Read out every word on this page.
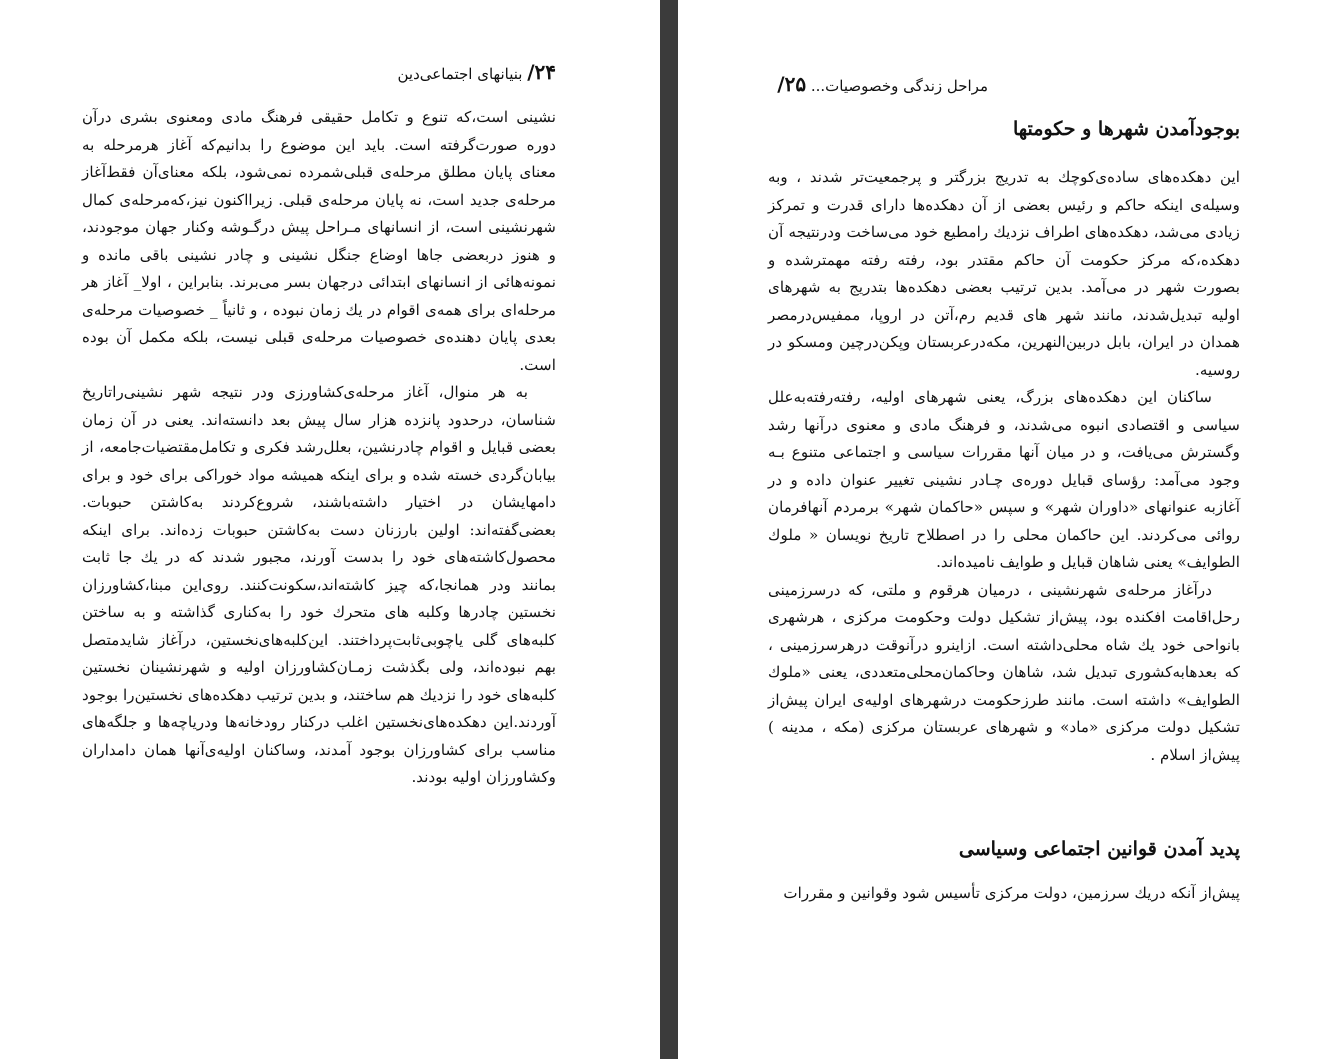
۲۴/ بنیانهای اجتماعی‌دین

نشینی است،که تنوع و تکامل حقیقی فرهنگ مادی ومعنوی بشری درآن دوره صورت‌گرفته است. باید این موضوع را بدانیم‌که آغاز هرمرحله به معنای پایان مطلق مرحله‌ی قبلی‌شمرده نمی‌شود، بلکه معنای‌آن فقط‌آغاز مرحله‌ی جدید است، نه پایان مرحله‌ی قبلی. زیرااکنون نیز،که‌مرحله‌ی کمال شهرنشینی است، از انسانهای مـراحل پیش درگـوشه وکنار جهان موجودند، و هنوز دربعضی جاها اوضاع جنگل نشینی و چادر نشینی باقی مانده و نمونه‌هائی از انسانهای ابتدائی درجهان بسر می‌برند. بنابراین ، اولا_ آغاز هر مرحله‌ای برای همه‌ی اقوام در یك زمان نبوده ، و ثانیاً _ خصوصیات مرحله‌ی بعدی پایان دهنده‌ی خصوصیات مرحله‌ی قبلی نیست، بلکه مکمل آن بوده است.

به هر منوال، آغاز مرحله‌ی‌کشاورزی ودر نتیجه شهر نشینی‌راتاریخ شناسان، درحدود پانزده هزار سال پیش بعد دانسته‌اند. یعنی در آن زمان بعضی قبایل و اقوام چادرنشین، بعلل‌رشد فکری و تکامل‌مقتضیات‌جامعه، از بیابان‌گردی خسته شده و برای اینکه همیشه مواد خوراکی برای خود و برای دامهایشان در اختیار داشته‌باشند، شروع‌کردند به‌کاشتن حبوبات. بعضی‌گفته‌اند: اولین بارزنان دست به‌کاشتن حبوبات زده‌اند. برای اینکه محصول‌کاشته‌های خود را بدست آورند، مجبور شدند که در یك جا ثابت بمانند ودر همانجا،که چیز کاشته‌اند،سکونت‌کنند. روی‌این مبنا،کشاورزان نخستین چادرها وکلبه های متحرك خود را به‌کناری گذاشته و به ساختن کلبه‌های گلی یاچوبی‌ثابت‌پرداختند. این‌کلبه‌های‌نخستین، درآغاز شایدمتصل بهم نبوده‌اند، ولی بگذشت زمـان‌کشاورزان اولیه و شهرنشینان نخستین کلبه‌های خود را نزدیك هم ساختند، و بدین ترتیب دهکده‌های نخستین‌را بوجود آوردند.این دهکده‌های‌نخستین اغلب درکنار رودخانه‌ها ودریاچه‌ها و جلگه‌های مناسب برای کشاورزان بوجود آمدند، وساکنان اولیه‌ی‌آنها همان دامداران وکشاورزان اولیه بودند.

مراحل زندگی وخصوصیات... ۲۵/
بوجودآمدن شهرها و حکومتها

این دهکده‌های ساده‌ی‌کوچك به تدریج بزرگتر و پرجمعیت‌تر شدند ، وبه وسیله‌ی اینکه حاکم و رئیس بعضی از آن دهکده‌ها دارای قدرت و تمرکز زیادی می‌شد، دهکده‌های اطراف نزدیك رامطیع خود می‌ساخت ودرنتیجه آن دهکده،که مرکز حکومت آن حاکم مقتدر بود، رفته رفته مهمترشده و بصورت شهر در می‌آمد. بدین ترتیب بعضی دهکده‌ها بتدریج به شهرهای اولیه تبدیل‌شدند، مانند شهر های قدیم رم،آتن در اروپا، ممفیس‌درمصر همدان در ایران، بابل دربین‌النهرین، مکه‌درعربستان وپکن‌درچین ومسکو در روسیه.

ساکنان این دهکده‌های بزرگ، یعنی شهرهای اولیه، رفته‌رفته‌به‌علل سیاسی و اقتصادی انبوه می‌شدند، و فرهنگ مادی و معنوی درآنها رشد وگسترش می‌یافت، و در میان آنها مقررات سیاسی و اجتماعی متنوع بـه وجود می‌آمد: رؤسای قبایل دوره‌ی چـادر نشینی تغییر عنوان داده و در آغازبه عنوانهای «داوران شهر» و سپس «حاکمان شهر» برمردم آنهافرمان روائی می‌کردند. این حاکمان محلی را در اصطلاح تاریخ نویسان « ملوك الطوایف» یعنی شاهان قبایل و طوایف نامیده‌اند.

درآغاز مرحله‌ی شهرنشینی ، درمیان هرقوم و ملتی، که درسرزمینی رحل‌اقامت افکنده بود، پیش‌از تشکیل دولت وحکومت مرکزی ، هرشهری بانواحی خود یك شاه محلی‌داشته است. ازاینرو درآنوقت درهرسرزمینی ، که بعدها‌به‌کشوری تبدیل شد، شاهان وحاکمان‌محلی‌متعددی، یعنی «ملوك الطوایف» داشته است. مانند طرزحکومت درشهرهای اولیه‌ی ایران پیش‌از تشکیل دولت مرکزی «ماد» و شهرهای عربستان مرکزی (مکه ، مدینه ) پیش‌از اسلام .

پدید آمدن قوانین اجتماعی وسیاسی

پیش‌از آنکه دریك سرزمین، دولت مرکزی تأسیس شود وقوانین و مقررات
